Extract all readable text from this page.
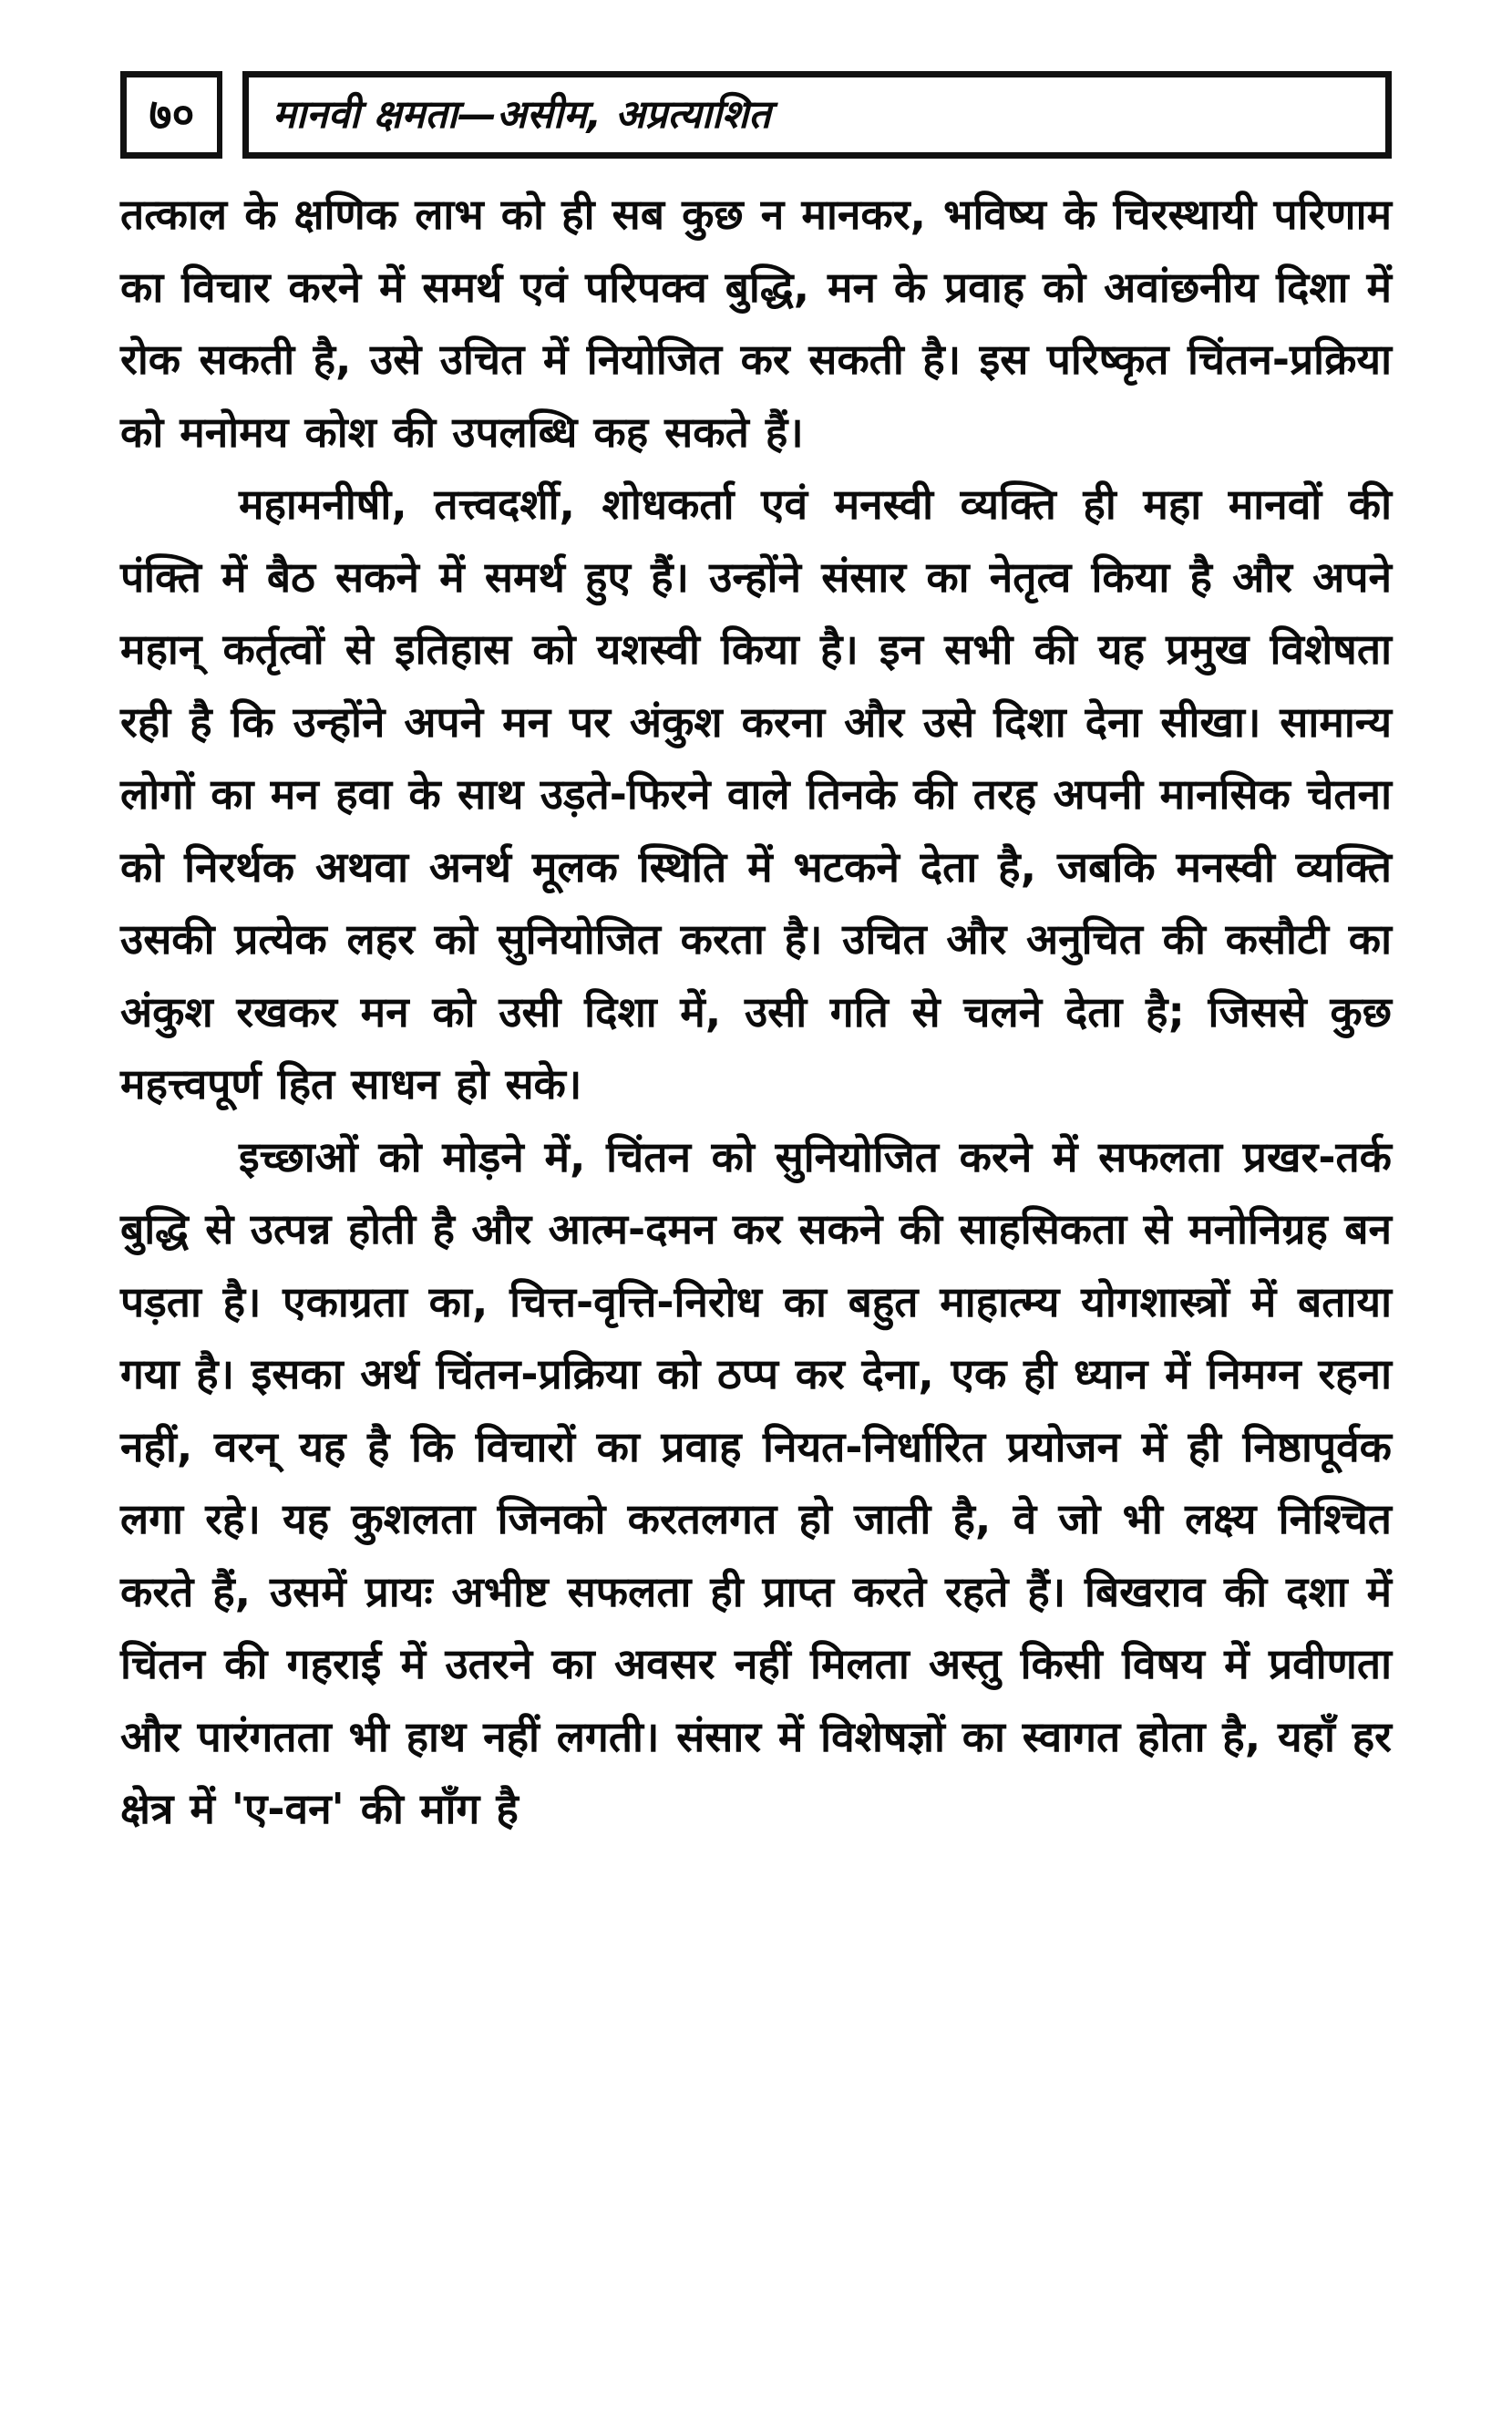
७० मानवी क्षमता—असीम, अप्रत्याशित

तत्काल के क्षणिक लाभ को ही सब कुछ न मानकर, भविष्य के चिरस्थायी परिणाम का विचार करने में समर्थ एवं परिपक्व बुद्धि, मन के प्रवाह को अवांछनीय दिशा में रोक सकती है, उसे उचित में नियोजित कर सकती है। इस परिष्कृत चिंतन-प्रक्रिया को मनोमय कोश की उपलब्धि कह सकते हैं।

महामनीषी, तत्त्वदर्शी, शोधकर्ता एवं मनस्वी व्यक्ति ही महा मानवों की पंक्ति में बैठ सकने में समर्थ हुए हैं। उन्होंने संसार का नेतृत्व किया है और अपने महान् कर्तृत्वों से इतिहास को यशस्वी किया है। इन सभी की यह प्रमुख विशेषता रही है कि उन्होंने अपने मन पर अंकुश करना और उसे दिशा देना सीखा। सामान्य लोगों का मन हवा के साथ उड़ते-फिरने वाले तिनके की तरह अपनी मानसिक चेतना को निरर्थक अथवा अनर्थ मूलक स्थिति में भटकने देता है, जबकि मनस्वी व्यक्ति उसकी प्रत्येक लहर को सुनियोजित करता है। उचित और अनुचित की कसौटी का अंकुश रखकर मन को उसी दिशा में, उसी गति से चलने देता है; जिससे कुछ महत्त्वपूर्ण हित साधन हो सके।

इच्छाओं को मोड़ने में, चिंतन को सुनियोजित करने में सफलता प्रखर-तर्क बुद्धि से उत्पन्न होती है और आत्म-दमन कर सकने की साहसिकता से मनोनिग्रह बन पड़ता है। एकाग्रता का, चित्त-वृत्ति-निरोध का बहुत माहात्म्य योगशास्त्रों में बताया गया है। इसका अर्थ चिंतन-प्रक्रिया को ठप्प कर देना, एक ही ध्यान में निमग्न रहना नहीं, वरन् यह है कि विचारों का प्रवाह नियत-निर्धारित प्रयोजन में ही निष्ठापूर्वक लगा रहे। यह कुशलता जिनको करतलगत हो जाती है, वे जो भी लक्ष्य निश्चित करते हैं, उसमें प्रायः अभीष्ट सफलता ही प्राप्त करते रहते हैं। बिखराव की दशा में चिंतन की गहराई में उतरने का अवसर नहीं मिलता अस्तु किसी विषय में प्रवीणता और पारंगतता भी हाथ नहीं लगती। संसार में विशेषज्ञों का स्वागत होता है, यहाँ हर क्षेत्र में 'ए-वन' की माँग है
